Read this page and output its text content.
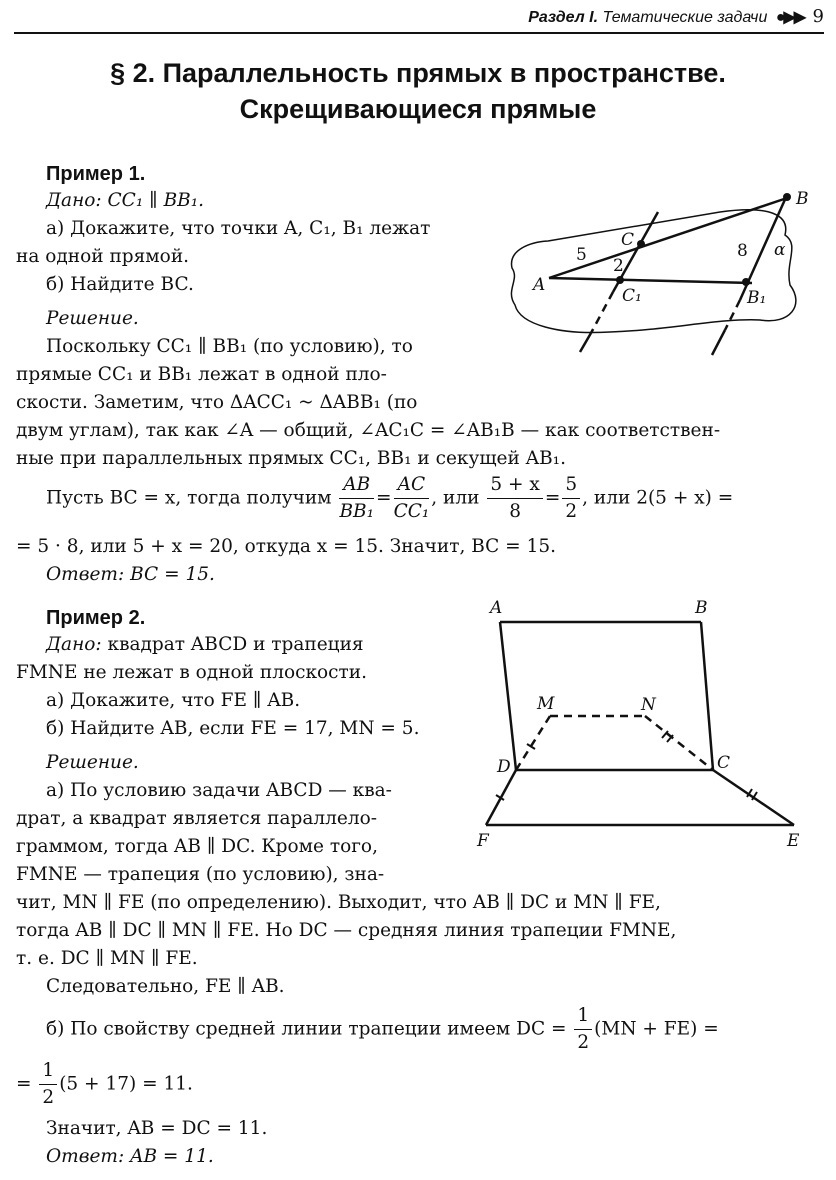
Раздел I. Тематические задачи ●▶▶ 9
§ 2. Параллельность прямых в пространстве.
Скрещивающиеся прямые
Пример 1.
Дано: CC₁ ∥ BB₁.
а) Докажите, что точки A, C₁, B₁ лежат
на одной прямой.
б) Найдите BC.
Решение.
Поскольку CC₁ ∥ BB₁ (по условию), то
прямые CC₁ и BB₁ лежат в одной пло-
скости. Заметим, что ΔACC₁ ~ ΔABB₁ (по
двум углам), так как ∠A — общий, ∠AC₁C = ∠AB₁B — как соответствен-
ные при параллельных прямых CC₁, BB₁ и секущей AB₁.
Пусть BC = x, тогда получим $\frac{AB}{\text{BB₁}} = \frac{AC}{\text{CC₁}}$ , или $\frac{5 + x}{8} = \frac{5}{2}$ , или 2(5 + x) =
= 5 · 8, или 5 + x = 20, откуда x = 15. Значит, BC = 15.
Ответ: BC = 15.
B
C	α
5	8
2
A
C₁	B₁
A	B
M	N
D	C
F	E
Пример 2.
Дано: квадрат ABCD и трапеция
FMNE не лежат в одной плоскости.
а) Докажите, что FE ∥ AB.
б) Найдите AB, если FE = 17, MN = 5.
Решение.
а) По условию задачи ABCD — ква-
драт, а квадрат является параллело-
граммом, тогда AB ∥ DC. Кроме того,
FMNE — трапеция (по условию), зна-
чит, MN ∥ FE (по определению). Выходит, что AB ∥ DC и MN ∥ FE,
тогда AB ∥ DC ∥ MN ∥ FE. Но DC — средняя линия трапеции FMNE,
т. е. DC ∥ MN ∥ FE.
Следовательно, FE ∥ AB.
б) По свойству средней линии трапеции имеем DC = $\frac{1}{2} (MN + FE)$ =
= $\frac{1}{2} (5 + 17) = 11$.
Значит, AB = DC = 11.
Ответ: AB = 11.
